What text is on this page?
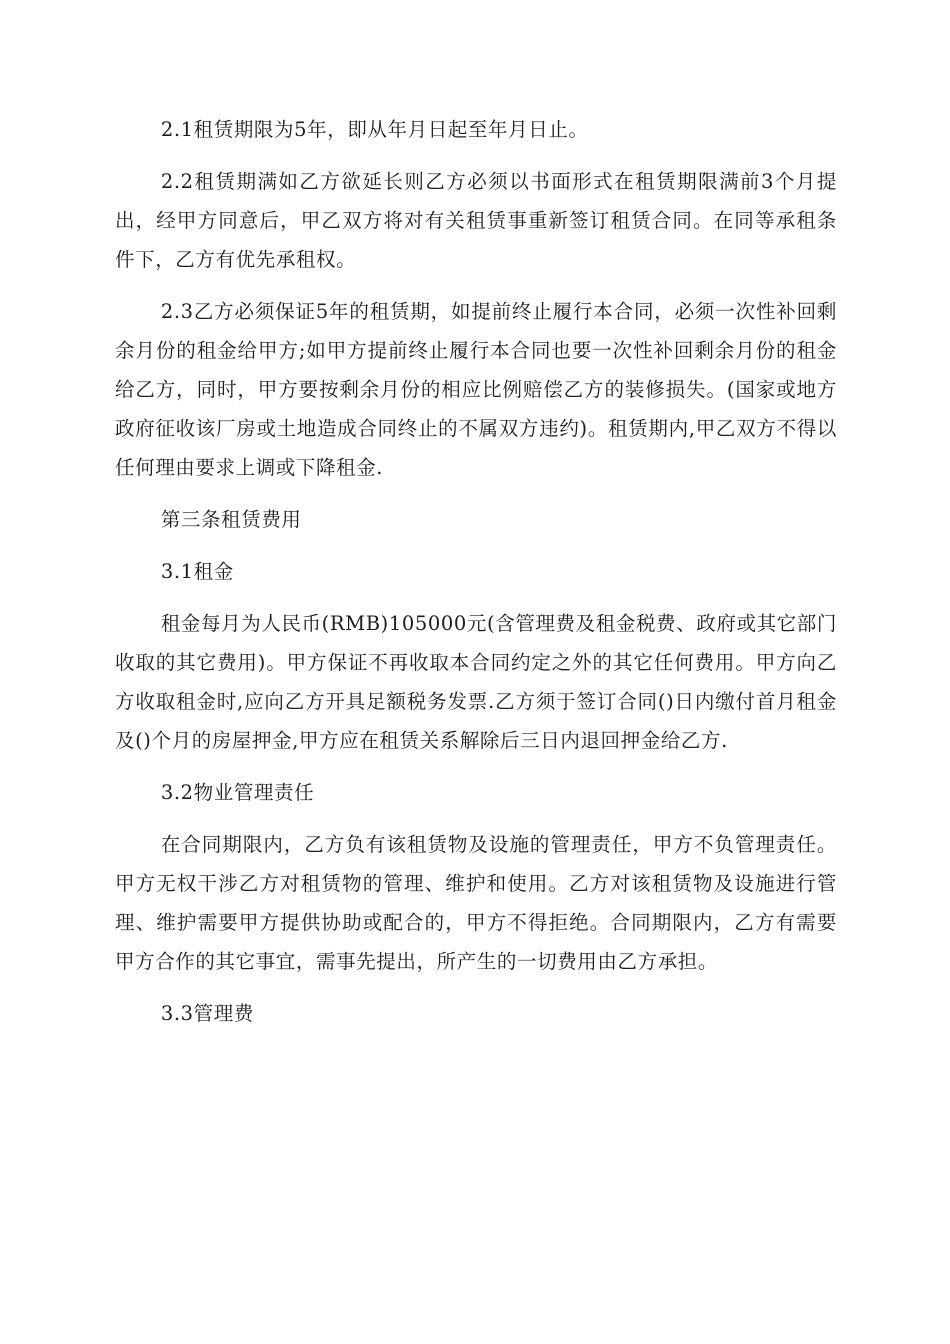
2.1租赁期限为5年，即从年月日起至年月日止。

2.2租赁期满如乙方欲延长则乙方必须以书面形式在租赁期限满前3个月提出，经甲方同意后，甲乙双方将对有关租赁事重新签订租赁合同。在同等承租条件下，乙方有优先承租权。

2.3乙方必须保证5年的租赁期，如提前终止履行本合同，必须一次性补回剩余月份的租金给甲方;如甲方提前终止履行本合同也要一次性补回剩余月份的租金给乙方，同时，甲方要按剩余月份的相应比例赔偿乙方的装修损失。(国家或地方政府征收该厂房或土地造成合同终止的不属双方违约)。租赁期内,甲乙双方不得以任何理由要求上调或下降租金.

第三条租赁费用

3.1租金

租金每月为人民币(RMB)105000元(含管理费及租金税费、政府或其它部门收取的其它费用)。甲方保证不再收取本合同约定之外的其它任何费用。甲方向乙方收取租金时,应向乙方开具足额税务发票.乙方须于签订合同()日内缴付首月租金及()个月的房屋押金,甲方应在租赁关系解除后三日内退回押金给乙方.

3.2物业管理责任

在合同期限内，乙方负有该租赁物及设施的管理责任，甲方不负管理责任。甲方无权干涉乙方对租赁物的管理、维护和使用。乙方对该租赁物及设施进行管理、维护需要甲方提供协助或配合的，甲方不得拒绝。合同期限内，乙方有需要甲方合作的其它事宜，需事先提出，所产生的一切费用由乙方承担。

3.3管理费
